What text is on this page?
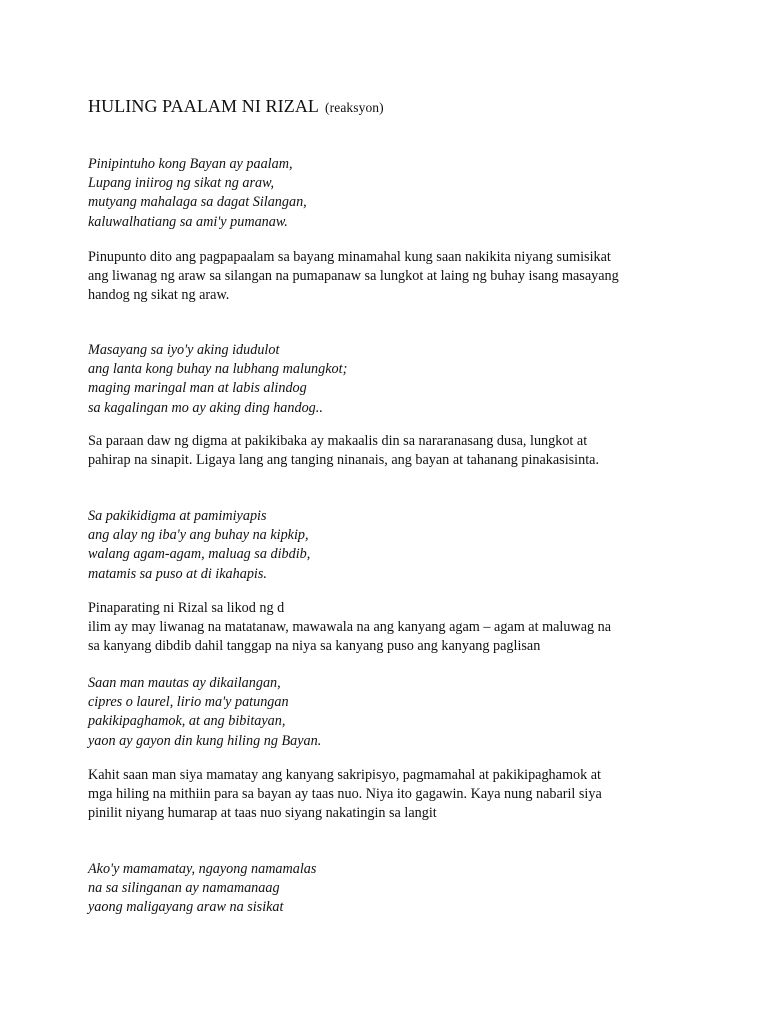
HULING PAALAM NI RIZAL (reaksyon)
Pinipintuho kong Bayan ay paalam,
Lupang iniirog ng sikat ng araw,
mutyang mahalaga sa dagat Silangan,
kaluwalhatiang sa ami'y pumanaw.
Pinupunto dito ang pagpapaalam sa bayang minamahal kung saan nakikita niyang sumisikat
ang liwanag ng araw sa silangan na pumapanaw sa lungkot at laing ng buhay isang masayang
handog ng sikat ng araw.
Masayang sa iyo'y aking idudulot
ang lanta kong buhay na lubhang malungkot;
maging maringal man at labis alindog
sa kagalingan mo ay aking ding handog..
Sa paraan daw ng digma at pakikibaka ay makaalis din sa nararanasang dusa, lungkot at
pahirap na sinapit. Ligaya lang ang tanging ninanais, ang bayan at tahanang pinakasisinta.
Sa pakikidigma at pamimiyapis
ang alay ng iba'y ang buhay na kipkip,
walang agam-agam, maluag sa dibdib,
matamis sa puso at di ikahapis.
Pinaparating ni Rizal sa likod ng d
ilim ay may liwanag na matatanaw, mawawala na ang kanyang agam – agam at maluwag na
sa kanyang dibdib dahil tanggap na niya sa kanyang puso ang kanyang paglisan
Saan man mautas ay dikailangan,
cipres o laurel, lirio ma'y patungan
pakikipaghamok, at ang bibitayan,
yaon ay gayon din kung hiling ng Bayan.
Kahit saan man siya mamatay ang kanyang sakripisyo, pagmamahal at pakikipaghamok at
mga hiling na mithiin para sa bayan ay taas nuo. Niya ito gagawin. Kaya nung nabaril siya
pinilit niyang humarap at taas nuo siyang nakatingin sa langit
Ako'y mamamatay, ngayong namamalas
na sa silinganan ay namamanaag
yaong maligayang araw na sisikat
